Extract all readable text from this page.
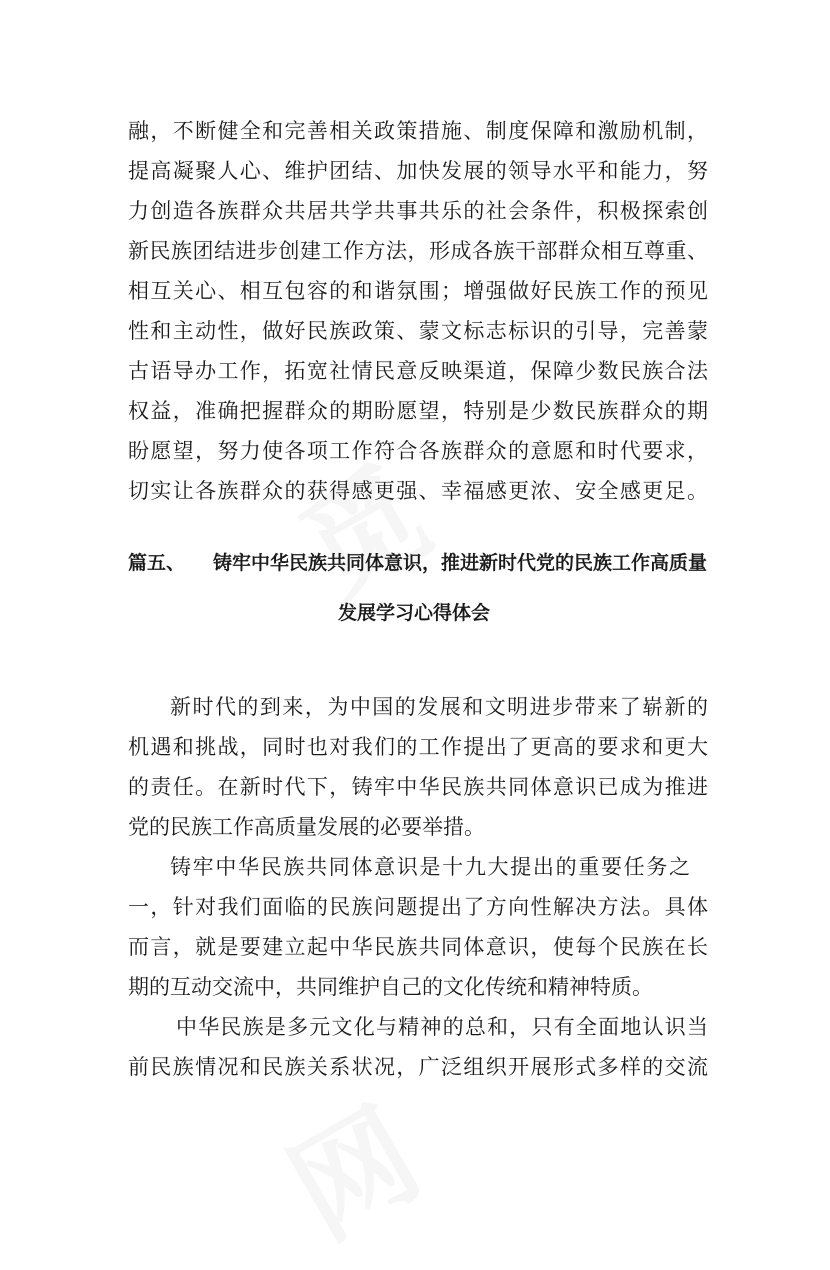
融，不断健全和完善相关政策措施、制度保障和激励机制，
提高凝聚人心、维护团结、加快发展的领导水平和能力，努
力创造各族群众共居共学共事共乐的社会条件，积极探索创
新民族团结进步创建工作方法，形成各族干部群众相互尊重、
相互关心、相互包容的和谐氛围；增强做好民族工作的预见
性和主动性，做好民族政策、蒙文标志标识的引导，完善蒙
古语导办工作，拓宽社情民意反映渠道，保障少数民族合法
权益，准确把握群众的期盼愿望，特别是少数民族群众的期
盼愿望，努力使各项工作符合各族群众的意愿和时代要求，
切实让各族群众的获得感更强、幸福感更浓、安全感更足。
篇五、 铸牢中华民族共同体意识，推进新时代党的民族工作高质量
发展学习心得体会
新时代的到来，为中国的发展和文明进步带来了崭新的
机遇和挑战，同时也对我们的工作提出了更高的要求和更大
的责任。在新时代下，铸牢中华民族共同体意识已成为推进
党的民族工作高质量发展的必要举措。
铸牢中华民族共同体意识是十九大提出的重要任务之
一，针对我们面临的民族问题提出了方向性解决方法。具体
而言，就是要建立起中华民族共同体意识，使每个民族在长
期的互动交流中，共同维护自己的文化传统和精神特质。
中华民族是多元文化与精神的总和，只有全面地认识当
前民族情况和民族关系状况，广泛组织开展形式多样的交流
